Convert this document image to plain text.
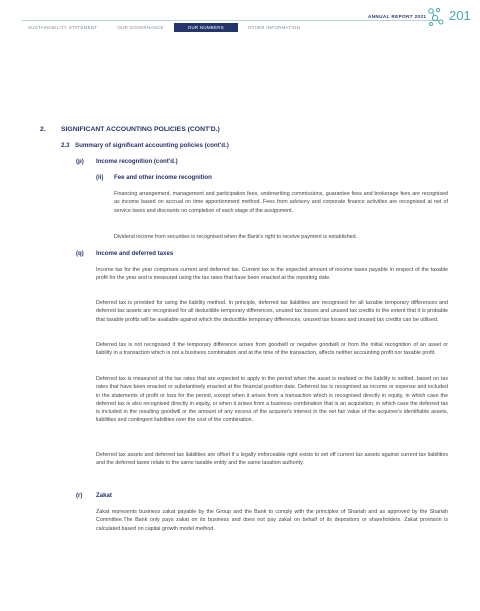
ANNUAL REPORT 2021 201
SUSTAINABILITY STATEMENT	OUR GOVERNANCE	OUR NUMBERS	OTHER INFORMATION
2. SIGNIFICANT ACCOUNTING POLICIES (CONT'D.)
2.3 Summary of significant accounting policies (cont'd.)
(p) Income recognition (cont'd.)
(ii) Fee and other income recognition

Financing arrangement, management and participation fees, underwriting commissions, guarantee fees and brokerage fees are recognised as income based on accrual on time apportionment method. Fees from advisory and corporate finance activities are recognised at net of service taxes and discounts on completion of each stage of the assignment.

Dividend income from securities is recognised when the Bank's right to receive payment is established.

(q) Income and deferred taxes

Income tax for the year comprises current and deferred tax. Current tax is the expected amount of income taxes payable in respect of the taxable profit for the year and is measured using the tax rates that have been enacted at the reporting date.

Deferred tax is provided for using the liability method. In principle, deferred tax liabilities are recognised for all taxable temporary differences and deferred tax assets are recognised for all deductible temporary differences, unused tax losses and unused tax credits to the extent that it is probable that taxable profits will be available against which the deductible temporary differences, unused tax losses and unused tax credits can be utilised.

Deferred tax is not recognised if the temporary difference arises from goodwill or negative goodwill or from the initial recognition of an asset or liability in a transaction which is not a business combination and at the time of the transaction, affects neither accounting profit nor taxable profit.

Deferred tax is measured at the tax rates that are expected to apply in the period when the asset is realised or the liability is settled, based on tax rates that have been enacted or substantively enacted at the financial position date. Deferred tax is recognised as income or expense and included in the statements of profit or loss for the period, except when it arises from a transaction which is recognised directly in equity, in which case the deferred tax is also recognised directly in equity, or when it arises from a business combination that is an acquisition, in which case the deferred tax is included in the resulting goodwill or the amount of any excess of the acquirer's interest in the net fair value of the acquiree's identifiable assets, liabilities and contingent liabilities over the cost of the combination.

Deferred tax assets and deferred tax liabilities are offset if a legally enforceable right exists to set off current tax assets against current tax liabilities and the deferred taxes relate to the same taxable entity and the same taxation authority.

(r) Zakat

Zakat represents business zakat payable by the Group and the Bank to comply with the principles of Shariah and as approved by the Shariah Committee.The Bank only pays zakat on its business and does not pay zakat on behalf of its depositors or shareholders. Zakat provision is calculated based on capital growth model method.
